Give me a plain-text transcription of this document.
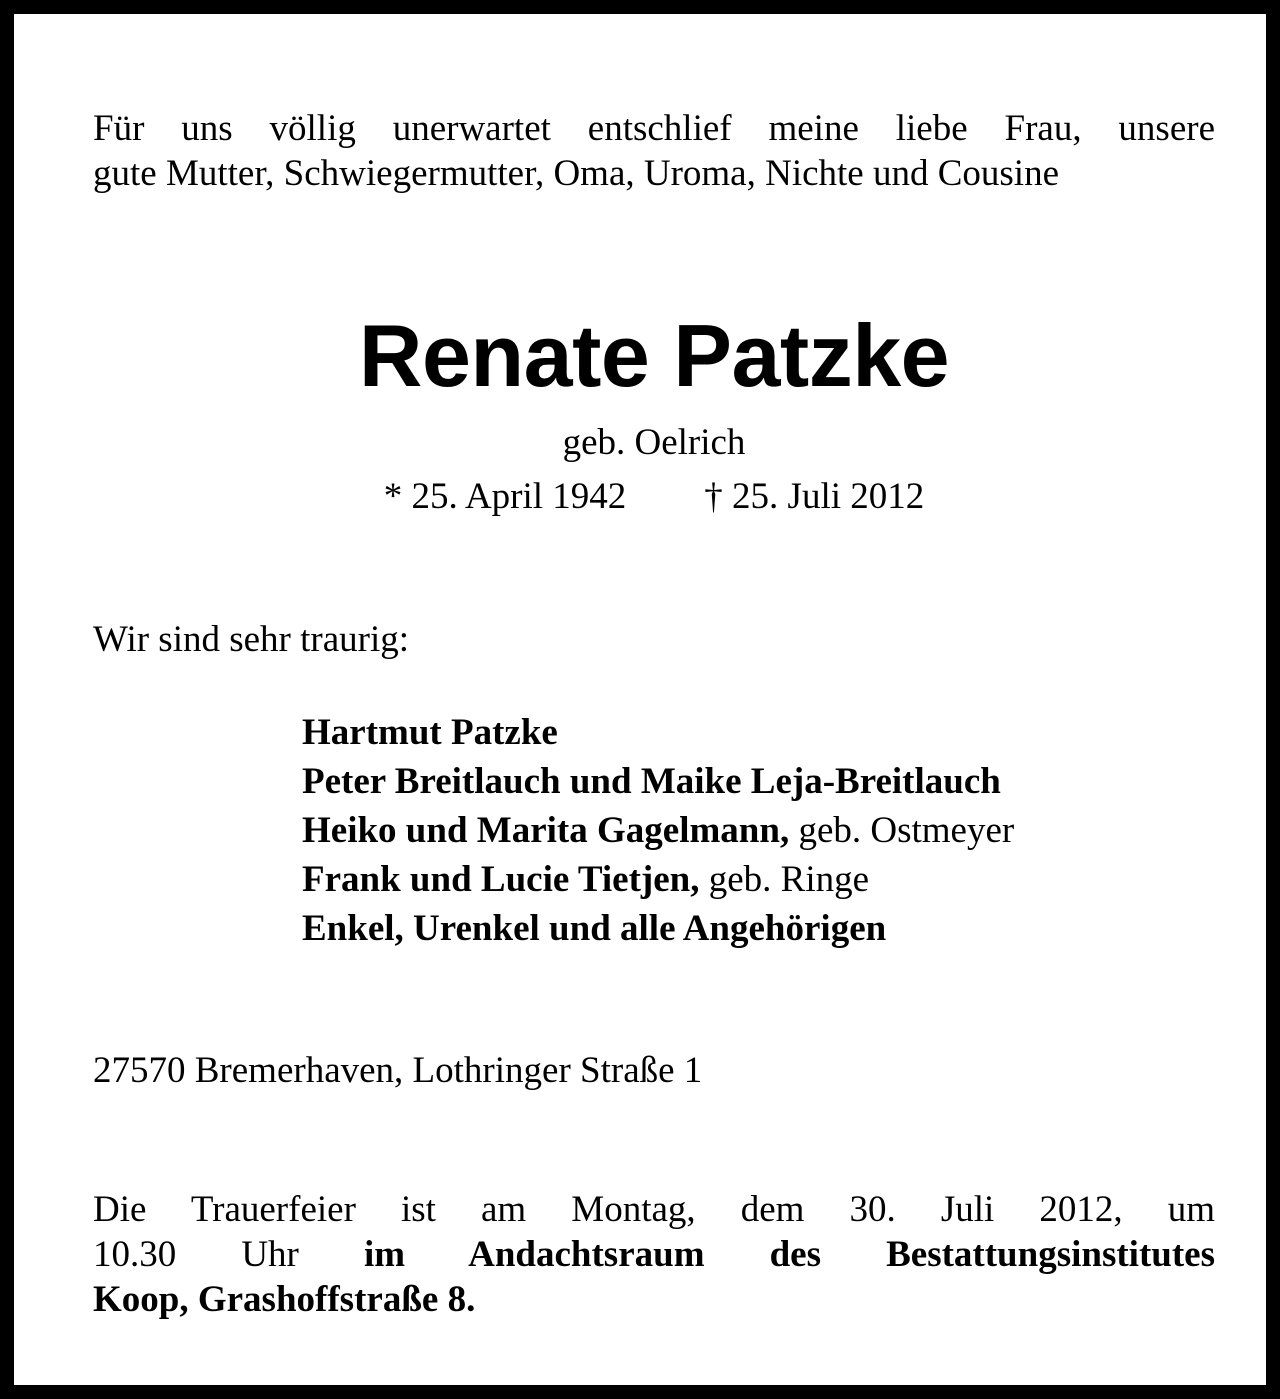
Für uns völlig unerwartet entschlief meine liebe Frau, unsere
gute Mutter, Schwiegermutter, Oma, Uroma, Nichte und Cousine
Renate Patzke
geb. Oelrich
* 25. April 1942 † 25. Juli 2012
Wir sind sehr traurig:
Hartmut Patzke
Peter Breitlauch und Maike Leja-Breitlauch
Heiko und Marita Gagelmann, geb. Ostmeyer
Frank und Lucie Tietjen, geb. Ringe
Enkel, Urenkel und alle Angehörigen
27570 Bremerhaven, Lothringer Straße 1
Die Trauerfeier ist am Montag, dem 30. Juli 2012, um
10.30 Uhr im Andachtsraum des Bestattungsinstitutes
Koop, Grashoffstraße 8.
